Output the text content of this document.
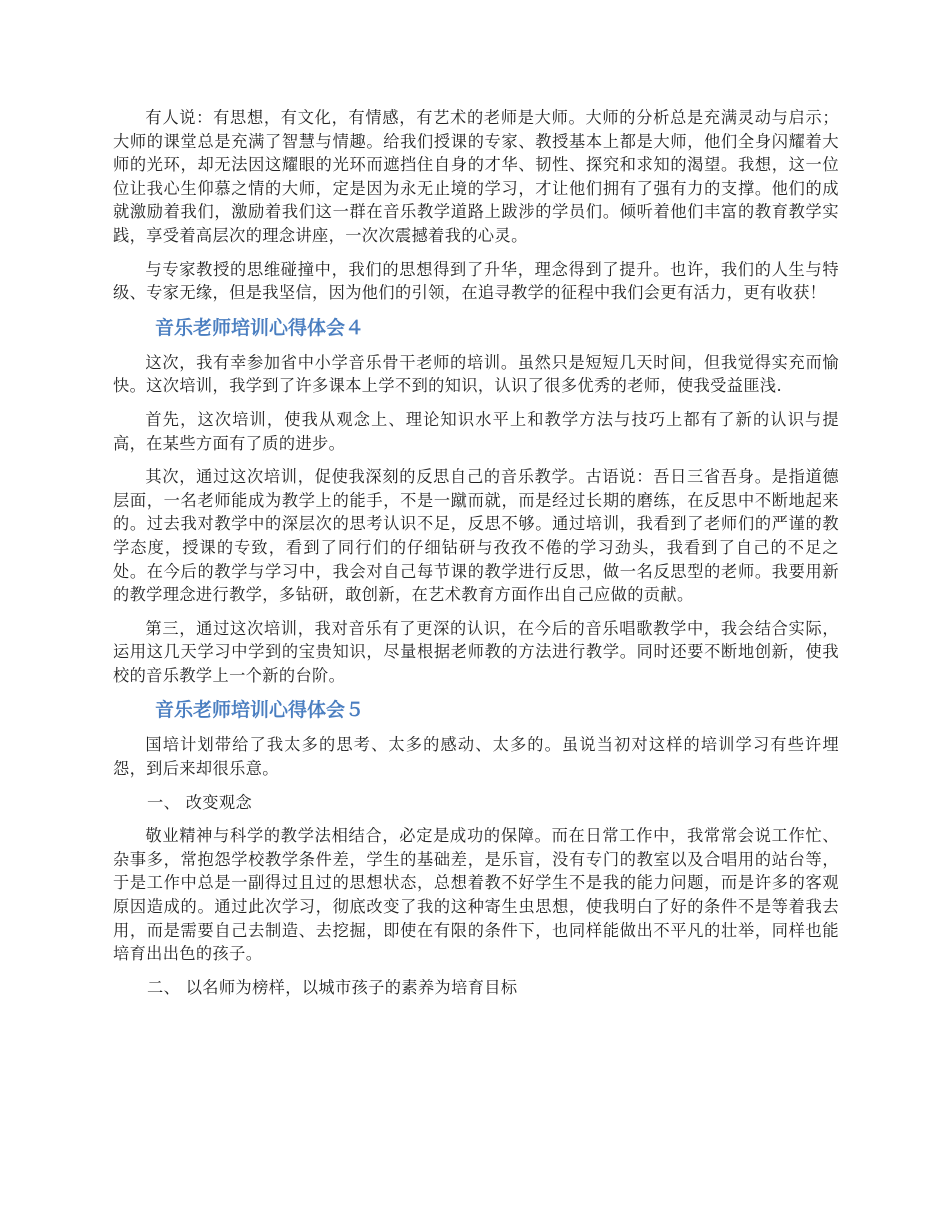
有人说：有思想，有文化，有情感，有艺术的老师是大师。大师的分析总是充满灵动与启示；大师的课堂总是充满了智慧与情趣。给我们授课的专家、教授基本上都是大师，他们全身闪耀着大师的光环，却无法因这耀眼的光环而遮挡住自身的才华、韧性、探究和求知的渴望。我想，这一位位让我心生仰慕之情的大师，定是因为永无止境的学习，才让他们拥有了强有力的支撑。他们的成就激励着我们，激励着我们这一群在音乐教学道路上跋涉的学员们。倾听着他们丰富的教育教学实践，享受着高层次的理念讲座，一次次震撼着我的心灵。

与专家教授的思维碰撞中，我们的思想得到了升华，理念得到了提升。也许，我们的人生与特级、专家无缘，但是我坚信，因为他们的引领，在追寻教学的征程中我们会更有活力，更有收获！

音乐老师培训心得体会４

这次，我有幸参加省中小学音乐骨干老师的培训。虽然只是短短几天时间，但我觉得实充而愉快。这次培训，我学到了许多课本上学不到的知识，认识了很多优秀的老师，使我受益匪浅.

首先，这次培训，使我从观念上、理论知识水平上和教学方法与技巧上都有了新的认识与提高，在某些方面有了质的进步。

其次，通过这次培训，促使我深刻的反思自己的音乐教学。古语说：吾日三省吾身。是指道德层面，一名老师能成为教学上的能手，不是一蹴而就，而是经过长期的磨练，在反思中不断地起来的。过去我对教学中的深层次的思考认识不足，反思不够。通过培训，我看到了老师们的严谨的教学态度，授课的专致，看到了同行们的仔细钻研与孜孜不倦的学习劲头，我看到了自己的不足之处。在今后的教学与学习中，我会对自己每节课的教学进行反思，做一名反思型的老师。我要用新的教学理念进行教学，多钻研，敢创新，在艺术教育方面作出自己应做的贡献。

第三，通过这次培训，我对音乐有了更深的认识，在今后的音乐唱歌教学中，我会结合实际，运用这几天学习中学到的宝贵知识，尽量根据老师教的方法进行教学。同时还要不断地创新，使我校的音乐教学上一个新的台阶。

音乐老师培训心得体会５

国培计划带给了我太多的思考、太多的感动、太多的。虽说当初对这样的培训学习有些许埋怨，到后来却很乐意。

一、 改变观念

敬业精神与科学的教学法相结合，必定是成功的保障。而在日常工作中，我常常会说工作忙、杂事多，常抱怨学校教学条件差，学生的基础差，是乐盲，没有专门的教室以及合唱用的站台等，于是工作中总是一副得过且过的思想状态，总想着教不好学生不是我的能力问题，而是许多的客观原因造成的。通过此次学习，彻底改变了我的这种寄生虫思想，使我明白了好的条件不是等着我去用，而是需要自己去制造、去挖掘，即使在有限的条件下，也同样能做出不平凡的壮举，同样也能培育出出色的孩子。

二、 以名师为榜样，以城市孩子的素养为培育目标
